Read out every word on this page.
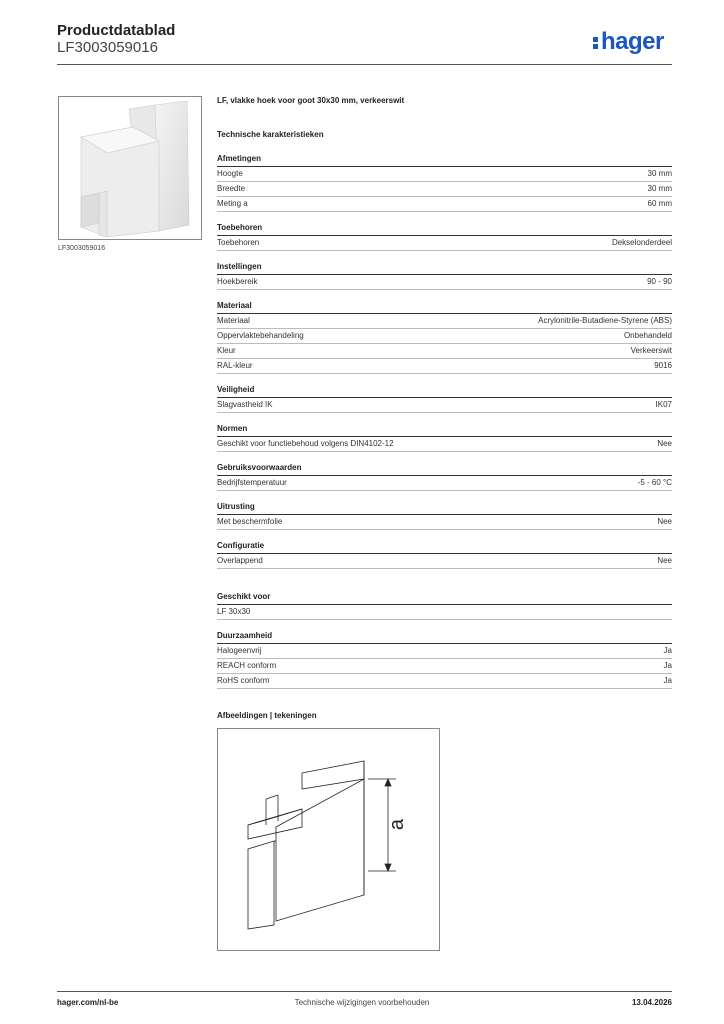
Productdatablad
LF3003059016	hager
LF3003059016
LF, vlakke hoek voor goot 30x30 mm, verkeerswit
Technische karakteristieken
Afmetingen
Hoogte	30 mm
Breedte	30 mm
Meting a	60 mm
Toebehoren
Toebehoren	Dekselonderdeel
Instellingen
Hoekbereik	90 - 90
Materiaal
Materiaal	Acrylonitrile-Butadiene-Styrene (ABS)
Oppervlaktebehandeling	Onbehandeld
Kleur	Verkeerswit
RAL-kleur	9016
Veiligheid
Slagvastheid IK	IK07
Normen
Geschikt voor functiebehoud volgens DIN4102-12	Nee
Gebruiksvoorwaarden
Bedrijfstemperatuur	-5 - 60 °C
Uitrusting
Met beschermfolie	Nee
Configuratie
Overlappend	Nee
Geschikt voor
LF 30x30
Duurzaamheid
Halogeenvrij	Ja
REACH conform	Ja
RoHS conform	Ja
Afbeeldingen | tekeningen
a
hager.com/nl-be	Technische wijzigingen voorbehouden	13.04.2026
